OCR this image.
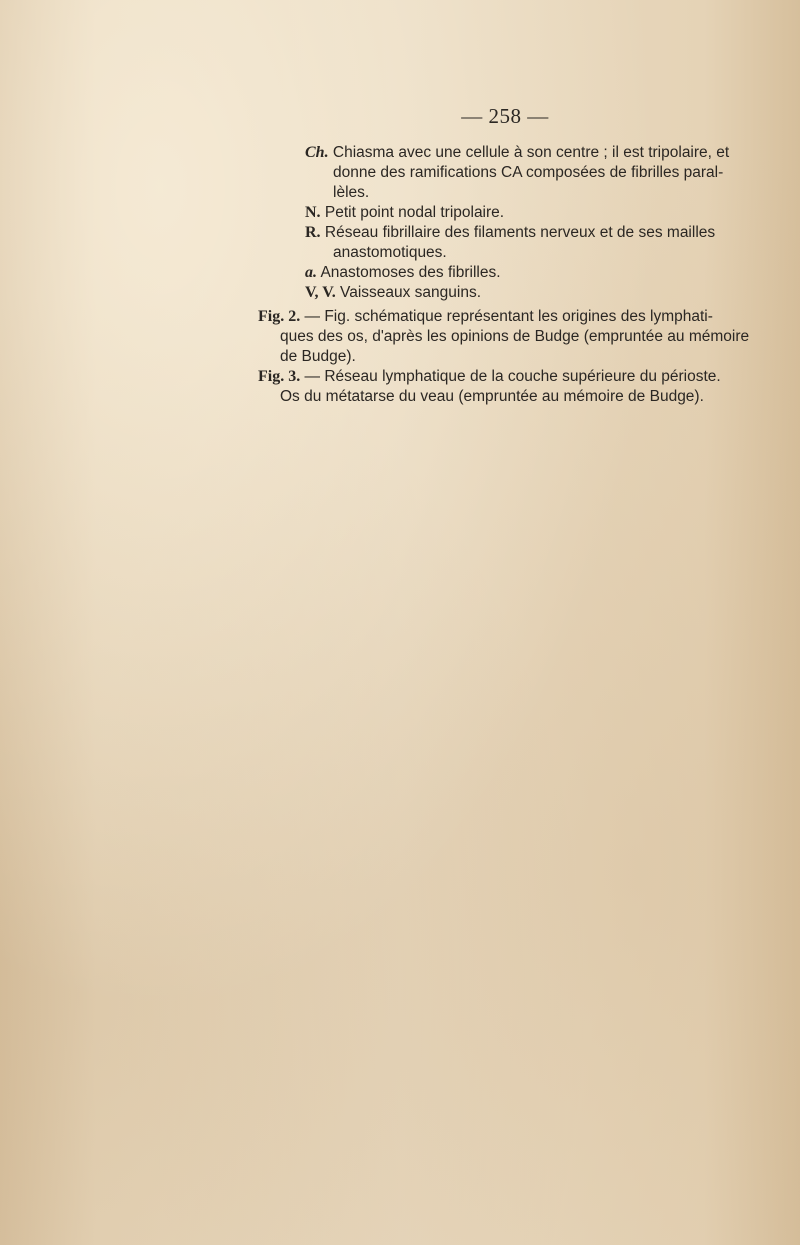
— 258 —
Ch. Chiasma avec une cellule à son centre ; il est tripolaire, et
donne des ramifications CA composées de fibrilles paral-
lèles.
N. Petit point nodal tripolaire.
R. Réseau fibrillaire des filaments nerveux et de ses mailles
anastomotiques.
a. Anastomoses des fibrilles.
V, V. Vaisseaux sanguins.
Fig. 2. — Fig. schématique représentant les origines des lymphati-
ques des os, d'après les opinions de Budge (empruntée au mémoire
de Budge).
Fig. 3. — Réseau lymphatique de la couche supérieure du périoste.
Os du métatarse du veau (empruntée au mémoire de Budge).
